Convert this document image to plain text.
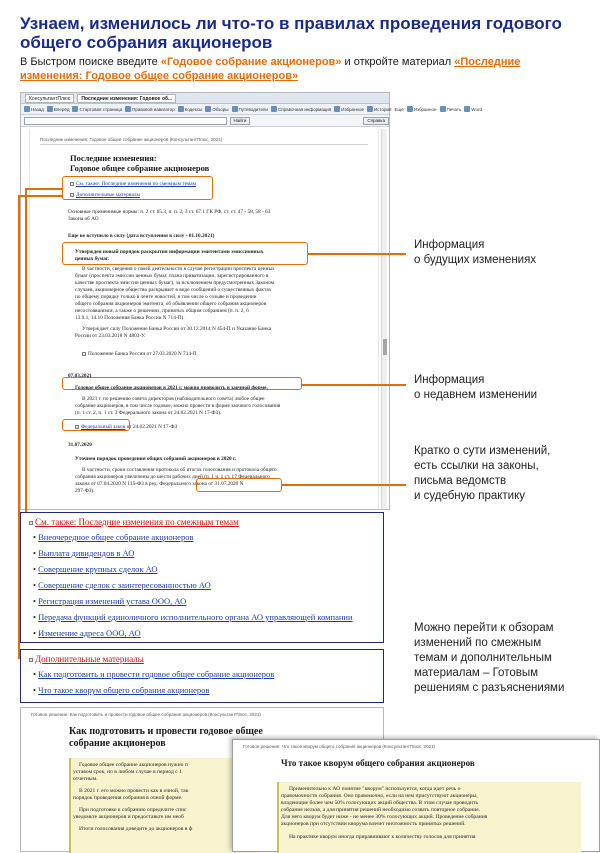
Узнаем, изменилось ли что-то в правилах проведения годового общего собрания акционеров
В Быстром поиске введите «Годовое собрание акционеров» и откройте материал «Последние изменения: Годовое общее собрание акционеров»
КонсультантПлюс	Последние изменения: Годовое об...
Назад Вперёд Стартовая страница Правовой навигатор Кодексы Обзоры Путеводители Справочная информация Избранное История Ещё Избранное Печать Word
Найти	Справка
Последние изменения: Годовое общее собрание акционеров (КонсультантПлюс, 2021)
Последние изменения:
Годовое общее собрание акционеров
См. также: Последние изменения по смежным темам
Дополнительные материалы
Основные применимые нормы: п. 2 ст. 65.3, п. п. 2, 3 ст. 67.1 ГК РФ, ст. ст. 47 - 58, 58 - 63
Закона об АО
Еще не вступило в силу (дата вступления в силу - 01.10.2021)
Утвержден новый порядок раскрытия информации эмитентами эмиссионных
ценных бумаг.
В частности, сведения о своей деятельности в случае регистрации проспекта ценных
бумаг (проспекта эмиссии ценных бумаг, плана приватизации, зарегистрированного в
качестве проспекта эмиссии ценных бумаг), за исключением предусмотренных Законом
случаев, акционерное общество раскрывает в виде сообщений о существенных фактах
по общему порядку только в ленте новостей, в том числе о созыве и проведении
общего собрания акционеров эмитента, об объявлении общего собрания акционеров
несостоявшимся, а также о решениях, принятых общим собранием (п. п. 2, 6
13.9.1, 14.10 Положения Банка России N 714-П).
Утверждает силу Положение Банка России от 30.12.2014 N 454-П и Указание Банка
России от 23.03.2018 N 4803-У.
Положение Банка России от 27.03.2020 N 714-П
07.03.2021
Годовое общее собрание акционеров в 2021 г. можно проводить в заочной форме.
В 2021 г. по решению совета директоров (наблюдательного совета) любое общее
собрание акционеров, в том числе годовое, можно провести в форме заочного голосования
(п. 1 ст. 2, п. 1 ст. 3 Федерального закона от 24.02.2021 N 17-ФЗ).
Федеральный закон от 24.02.2021 N 17-ФЗ
31.07.2020
Уточнен порядок проведения общих собраний акционеров в 2020 г.
В частности, сроки составления протокола об итогах голосования и протокола общего
собрания акционеров увеличены до шести рабочих дней (п. 1 ч. 1 ст. 17 Федерального
закона от 07.04.2020 N 115-ФЗ в ред. Федерального закона от 31.07.2020 N
297-ФЗ).
Информация
о будущих изменениях
Информация
о недавнем изменении
Кратко о сути изменений,
есть ссылки на законы,
письма ведомств
и судебную практику
Можно перейти к обзорам
изменений по смежным
темам и дополнительным
материалам – Готовым
решениям с разъяснениями
См. также: Последние изменения по смежным темам
• Внеочередное общее собрание акционеров
• Выплата дивидендов в АО
• Совершение крупных сделок АО
• Совершение сделок с заинтересованностью АО
• Регистрация изменений устава ООО, АО
• Передача функций единоличного исполнительного органа АО управляющей компании
• Изменение адреса ООО, АО
Дополнительные материалы
• Как подготовить и провести годовое общее собрание акционеров
• Что такое кворум общего собрания акционеров
Готовое решение: Как подготовить и провести годовое общее собрание акционеров (КонсультантПлюс, 2021)
Как подготовить и провести годовое общее собрание акционеров
Годовое общее собрание акционеров нужно п
уставом срок, но в любом случае в период с 1
отчетным.
В 2021 г. его можно провести как в очной, так
порядок проведения собрания в очной форме.
При подготовке к собранию определите спис
уведомьте акционеров и предоставьте им необ
Итоги голосования доведите до акционеров в ф
Готовое решение: Что такое кворум общего собрания акционеров (КонсультантПлюс, 2021)
Что такое кворум общего собрания акционеров
Применительно к АО понятие "кворум" используется, когда идет речь о
правомочности собрания. Оно правомочно, если на нем присутствуют акционеры,
владеющие более чем 50% голосующих акций общества. В этом случае проводить
собрание нельзя, а для принятия решений необходимо созвать повторное собрание.
Для него кворум будет ниже - не менее 30% голосующих акций. Проведение собрания
акционеров при отсутствии кворума влечет ничтожность принятых решений.
На практике кворум иногда приравнивают к количеству голосов для принятия
